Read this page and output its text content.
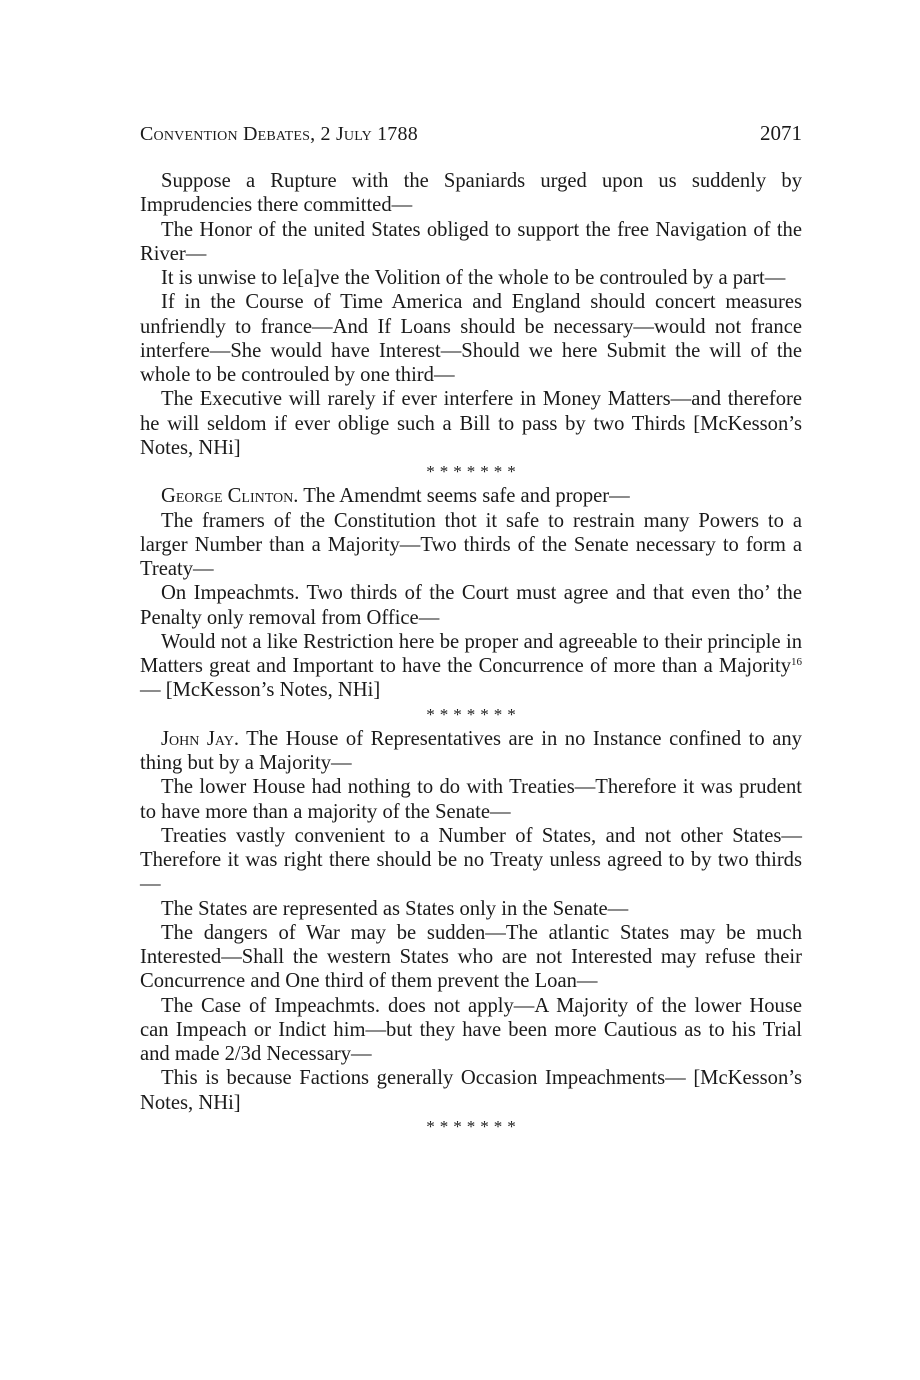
Convention Debates, 2 July 1788	2071

Suppose a Rupture with the Spaniards urged upon us suddenly by Imprudencies there committed—

The Honor of the united States obliged to support the free Navigation of the River—

It is unwise to le[a]ve the Volition of the whole to be controuled by a part—

If in the Course of Time America and England should concert measures unfriendly to france—And If Loans should be necessary—would not france interfere—She would have Interest—Should we here Submit the will of the whole to be controuled by one third—

The Executive will rarely if ever interfere in Money Matters—and therefore he will seldom if ever oblige such a Bill to pass by two Thirds [McKesson’s Notes, NHi]

*******

George Clinton. The Amendmt seems safe and proper—

The framers of the Constitution thot it safe to restrain many Powers to a larger Number than a Majority—Two thirds of the Senate necessary to form a Treaty—

On Impeachmts. Two thirds of the Court must agree and that even tho’ the Penalty only removal from Office—

Would not a like Restriction here be proper and agreeable to their principle in Matters great and Important to have the Concurrence of more than a Majority$^{16}$— [McKesson’s Notes, NHi]

*******

John Jay. The House of Representatives are in no Instance confined to any thing but by a Majority—

The lower House had nothing to do with Treaties—Therefore it was prudent to have more than a majority of the Senate—

Treaties vastly convenient to a Number of States, and not other States—Therefore it was right there should be no Treaty unless agreed to by two thirds—

The States are represented as States only in the Senate—

The dangers of War may be sudden—The atlantic States may be much Interested—Shall the western States who are not Interested may refuse their Concurrence and One third of them prevent the Loan—

The Case of Impeachmts. does not apply—A Majority of the lower House can Impeach or Indict him—but they have been more Cautious as to his Trial and made 2/3d Necessary—

This is because Factions generally Occasion Impeachments— [McKesson’s Notes, NHi]

*******
